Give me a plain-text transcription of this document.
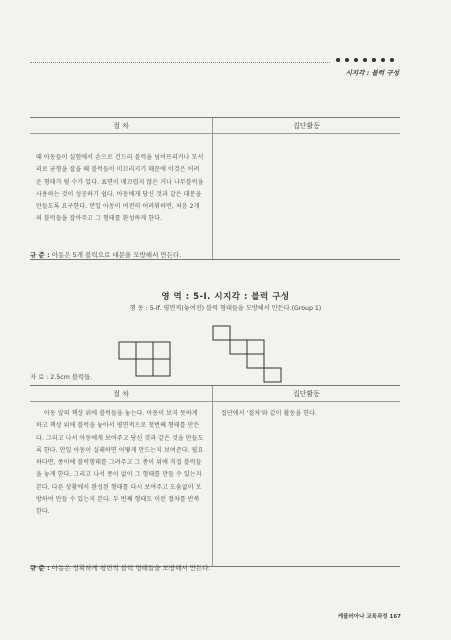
시지각 : 블럭 구성
절 차	집단활동
때 아동들이 실험에서 손으로 건드리 블럭을 넘어뜨리거나 모서리로 균형을 잡을 때 블럭들이 미끄러지기 때문에 이것은 어려운 형태가 될 수가 있다. 표면이 매끄럽지 않은 거나 나무블럭을 사용하는 것이 성공하기 쉽다. 아동에게 당신 것과 같은 대문을 만들도록 요구한다. 만일 아동이 여전히 어려워하면, 처음 2개의 블럭들을 잡아주고 그 형태를 완성하게 한다.
규 준 : 아동은 5개 블럭으로 대문을 모방해서 만든다.
영 역 : 5-Ⅰ. 시지각 : 블럭 구성
행 동 : 5-Ⅰf. 평면적(놓여진) 블럭 형태들을 모방해서 만든다.(Group 1)
자 료 : 2.5cm 블럭들.
절 차	집단활동
아동 앞의 책상 위에 블럭들을 놓는다. 아동이 보지 못하게 하고 책상 위에 블럭을 놓아서 평면적으로 첫번째 형태를 만든다. 그리고 나서 아동에게 보여주고 당신 것과 같은 것을 만들도록 한다. 만일 아동이 실패하면 어떻게 만드는지 보여준다. 필요하다면, 종이에 블럭형태를 그려주고 그 종이 위에 직접 블럭들을 놓게 한다. 그리고 나서 종이 없이 그 형태를 만들 수 있는지 본다. 다른 상황에서 완성된 형태를 다시 보여주고 도움없이 모방하여 만들 수 있는지 본다. 두 번째 형태도 이런 절차를 반복한다.
집단에서 '절차'와 같이 활동을 한다.
규 준 : 아동은 정확하게 평면적 블럭 형태들을 모방해서 만든다.
케플러아나 교육과정 167
